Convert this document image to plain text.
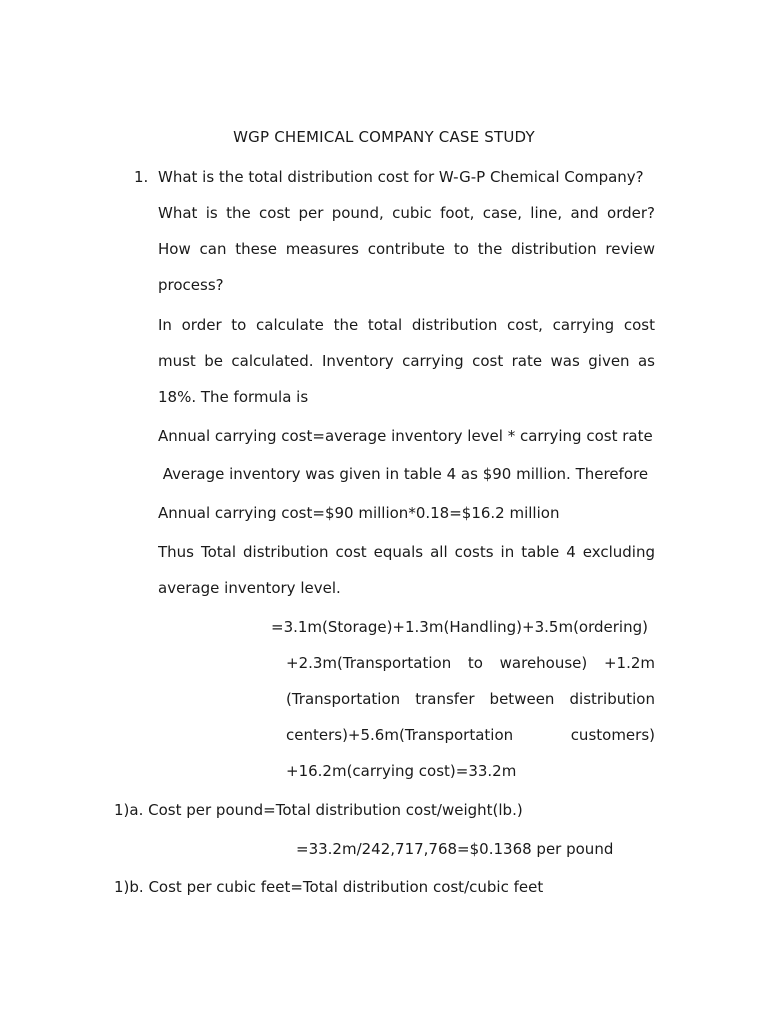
WGP CHEMICAL COMPANY CASE STUDY
1. What is the total distribution cost for W-G-P Chemical Company?
What is the cost per pound, cubic foot, case, line, and order?
How can these measures contribute to the distribution review
process?
In order to calculate the total distribution cost, carrying cost
must be calculated. Inventory carrying cost rate was given as
18%. The formula is
Annual carrying cost=average inventory level * carrying cost rate
Average inventory was given in table 4 as $90 million. Therefore
Annual carrying cost=$90 million*0.18=$16.2 million
Thus Total distribution cost equals all costs in table 4 excluding
average inventory level.
=3.1m(Storage)+1.3m(Handling)+3.5m(ordering)
+2.3m(Transportation to warehouse) +1.2m
(Transportation transfer between distribution
centers)+5.6m(Transportation customers)
+16.2m(carrying cost)=33.2m
1)a. Cost per pound=Total distribution cost/weight(lb.)
=33.2m/242,717,768=$0.1368 per pound
1)b. Cost per cubic feet=Total distribution cost/cubic feet
